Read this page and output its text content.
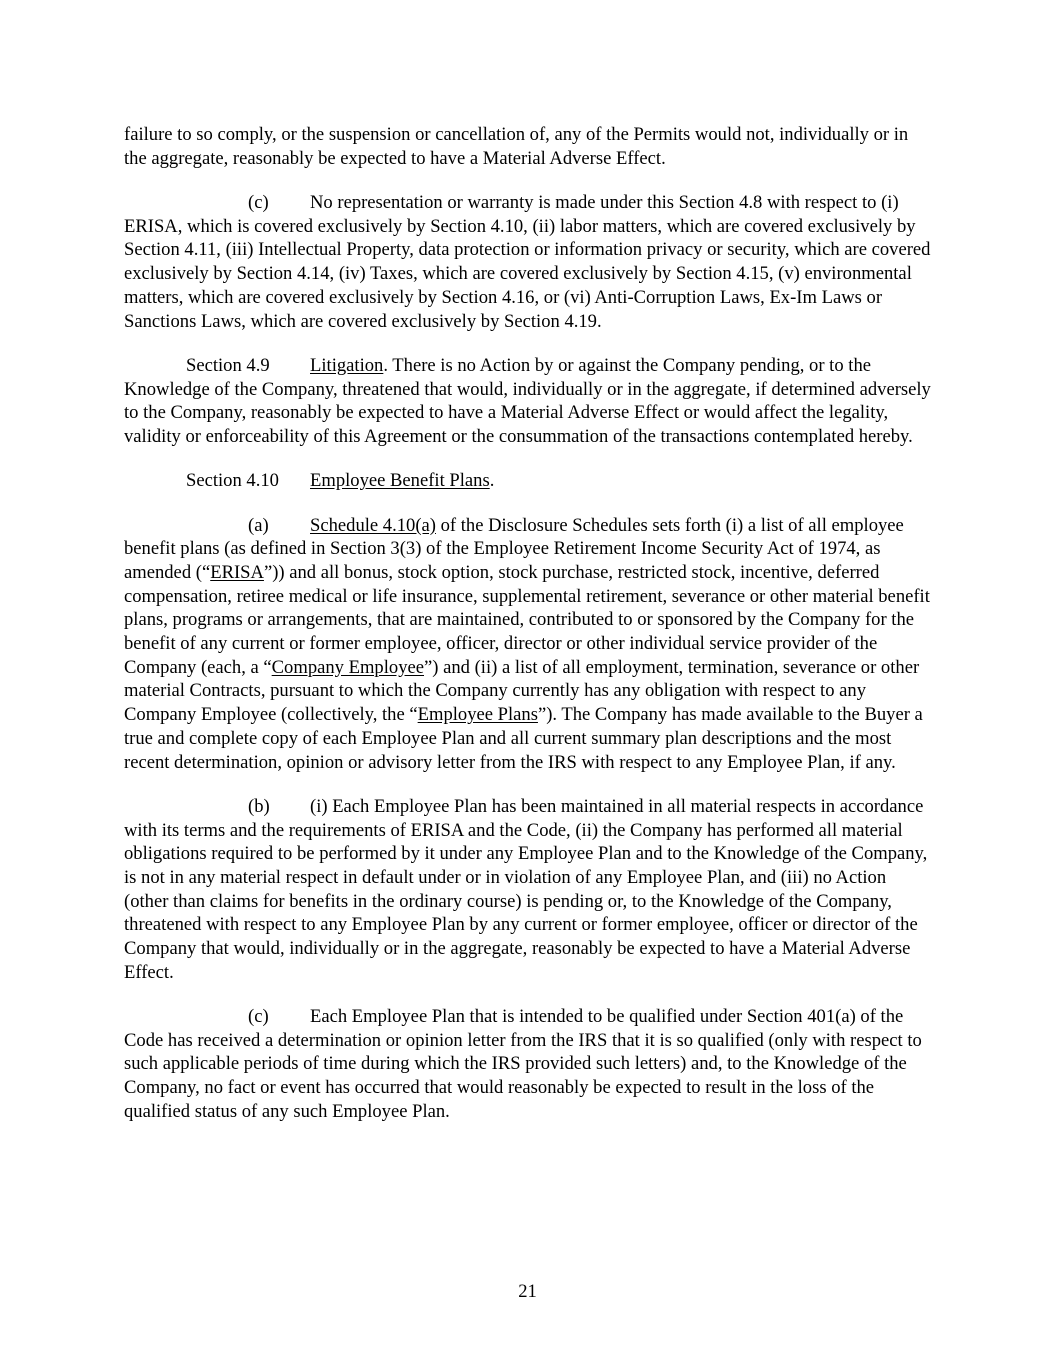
failure to so comply, or the suspension or cancellation of, any of the Permits would not, individually or in the aggregate, reasonably be expected to have a Material Adverse Effect.

(c) No representation or warranty is made under this Section 4.8 with respect to (i) ERISA, which is covered exclusively by Section 4.10, (ii) labor matters, which are covered exclusively by Section 4.11, (iii) Intellectual Property, data protection or information privacy or security, which are covered exclusively by Section 4.14, (iv) Taxes, which are covered exclusively by Section 4.15, (v) environmental matters, which are covered exclusively by Section 4.16, or (vi) Anti-Corruption Laws, Ex-Im Laws or Sanctions Laws, which are covered exclusively by Section 4.19.

Section 4.9 Litigation. There is no Action by or against the Company pending, or to the Knowledge of the Company, threatened that would, individually or in the aggregate, if determined adversely to the Company, reasonably be expected to have a Material Adverse Effect or would affect the legality, validity or enforceability of this Agreement or the consummation of the transactions contemplated hereby.

Section 4.10 Employee Benefit Plans.

(a) Schedule 4.10(a) of the Disclosure Schedules sets forth (i) a list of all employee benefit plans (as defined in Section 3(3) of the Employee Retirement Income Security Act of 1974, as amended (“ERISA”)) and all bonus, stock option, stock purchase, restricted stock, incentive, deferred compensation, retiree medical or life insurance, supplemental retirement, severance or other material benefit plans, programs or arrangements, that are maintained, contributed to or sponsored by the Company for the benefit of any current or former employee, officer, director or other individual service provider of the Company (each, a “Company Employee”) and (ii) a list of all employment, termination, severance or other material Contracts, pursuant to which the Company currently has any obligation with respect to any Company Employee (collectively, the “Employee Plans”). The Company has made available to the Buyer a true and complete copy of each Employee Plan and all current summary plan descriptions and the most recent determination, opinion or advisory letter from the IRS with respect to any Employee Plan, if any.

(b) (i) Each Employee Plan has been maintained in all material respects in accordance with its terms and the requirements of ERISA and the Code, (ii) the Company has performed all material obligations required to be performed by it under any Employee Plan and to the Knowledge of the Company, is not in any material respect in default under or in violation of any Employee Plan, and (iii) no Action (other than claims for benefits in the ordinary course) is pending or, to the Knowledge of the Company, threatened with respect to any Employee Plan by any current or former employee, officer or director of the Company that would, individually or in the aggregate, reasonably be expected to have a Material Adverse Effect.

(c) Each Employee Plan that is intended to be qualified under Section 401(a) of the Code has received a determination or opinion letter from the IRS that it is so qualified (only with respect to such applicable periods of time during which the IRS provided such letters) and, to the Knowledge of the Company, no fact or event has occurred that would reasonably be expected to result in the loss of the qualified status of any such Employee Plan.

21
